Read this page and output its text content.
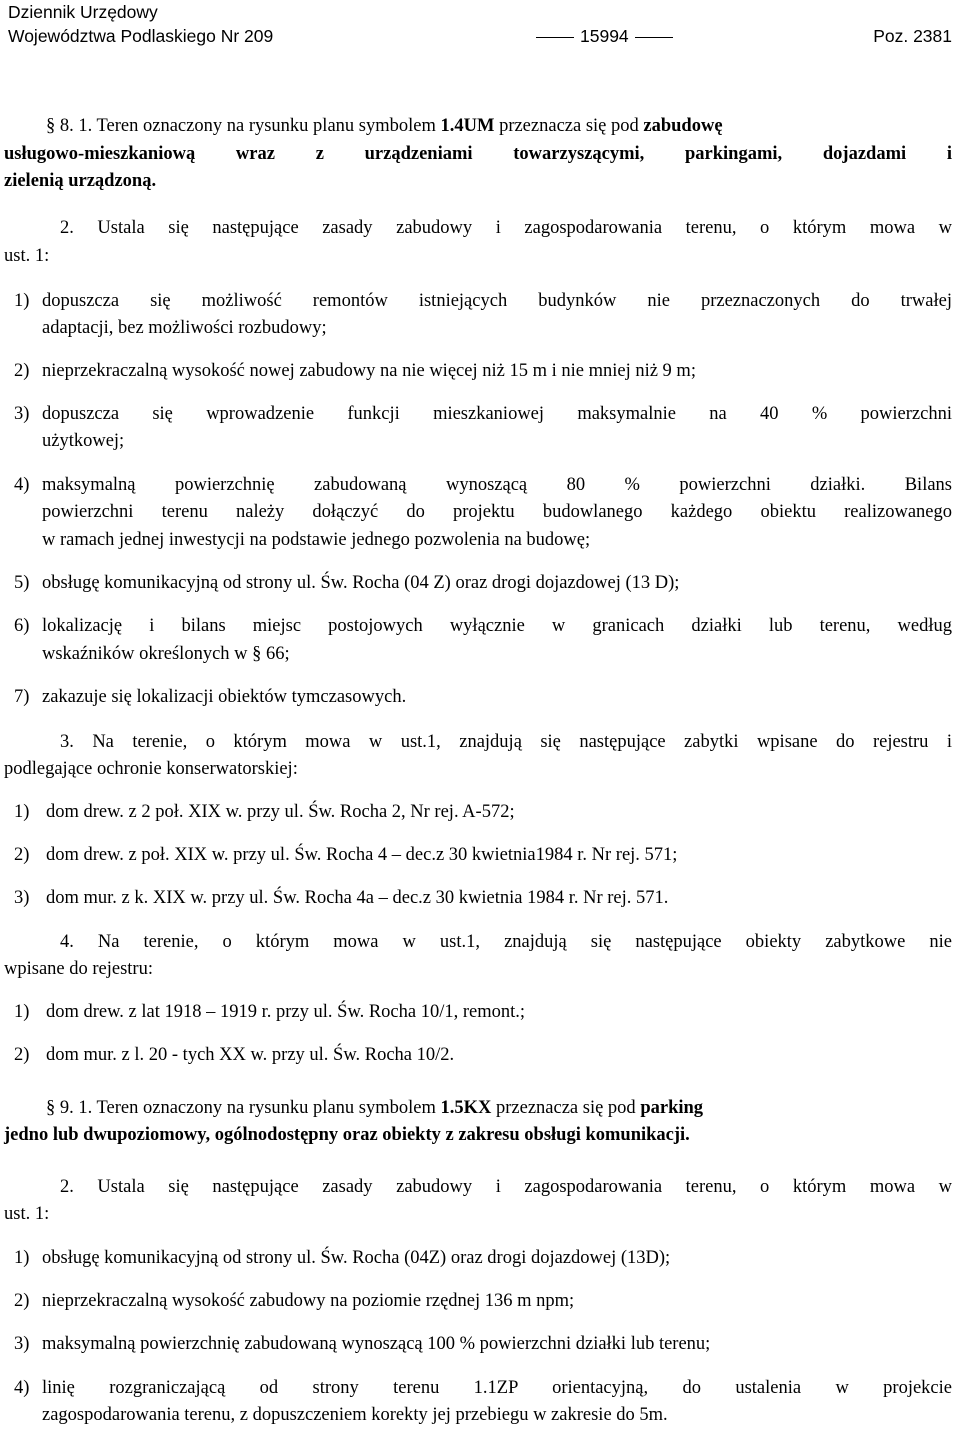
Dziennik Urzędowy
Województwa Podlaskiego Nr 209	15994	Poz. 2381
§ 8. 1. Teren oznaczony na rysunku planu symbolem 1.4UM przeznacza się pod zabudowę
usługowo-mieszkaniową wraz z urządzeniami towarzyszącymi, parkingami, dojazdami i
zielenią urządzoną.
2. Ustala się następujące zasady zabudowy i zagospodarowania terenu, o którym mowa w
ust. 1:
1) dopuszcza się możliwość remontów istniejących budynków nie przeznaczonych do trwałej
adaptacji, bez możliwości rozbudowy;
2) nieprzekraczalną wysokość nowej zabudowy na nie więcej niż 15 m i nie mniej niż 9 m;
3) dopuszcza się wprowadzenie funkcji mieszkaniowej maksymalnie na 40 % powierzchni
użytkowej;
4) maksymalną powierzchnię zabudowaną wynoszącą 80 % powierzchni działki. Bilans
powierzchni terenu należy dołączyć do projektu budowlanego każdego obiektu realizowanego
w ramach jednej inwestycji na podstawie jednego pozwolenia na budowę;
5) obsługę komunikacyjną od strony ul. Św. Rocha (04 Z) oraz drogi dojazdowej (13 D);
6) lokalizację i bilans miejsc postojowych wyłącznie w granicach działki lub terenu, według
wskaźników określonych w § 66;
7) zakazuje się lokalizacji obiektów tymczasowych.
3. Na terenie, o którym mowa w ust.1, znajdują się następujące zabytki wpisane do rejestru i
podlegające ochronie konserwatorskiej:
1) dom drew. z 2 poł. XIX w. przy ul. Św. Rocha 2, Nr rej. A-572;
2) dom drew. z poł. XIX w. przy ul. Św. Rocha 4 – dec.z 30 kwietnia1984 r. Nr rej. 571;
3) dom mur. z k. XIX w. przy ul. Św. Rocha 4a – dec.z 30 kwietnia 1984 r. Nr rej. 571.
4. Na terenie, o którym mowa w ust.1, znajdują się następujące obiekty zabytkowe nie
wpisane do rejestru:
1) dom drew. z lat 1918 – 1919 r. przy ul. Św. Rocha 10/1, remont.;
2) dom mur. z l. 20 - tych XX w. przy ul. Św. Rocha 10/2.
§ 9. 1. Teren oznaczony na rysunku planu symbolem 1.5KX przeznacza się pod parking
jedno lub dwupoziomowy, ogólnodostępny oraz obiekty z zakresu obsługi komunikacji.
2. Ustala się następujące zasady zabudowy i zagospodarowania terenu, o którym mowa w
ust. 1:
1) obsługę komunikacyjną od strony ul. Św. Rocha (04Z) oraz drogi dojazdowej (13D);
2) nieprzekraczalną wysokość zabudowy na poziomie rzędnej 136 m npm;
3) maksymalną powierzchnię zabudowaną wynoszącą 100 % powierzchni działki lub terenu;
4) linię rozgraniczającą od strony terenu 1.1ZP orientacyjną, do ustalenia w projekcie
zagospodarowania terenu, z dopuszczeniem korekty jej przebiegu w zakresie do 5m.
